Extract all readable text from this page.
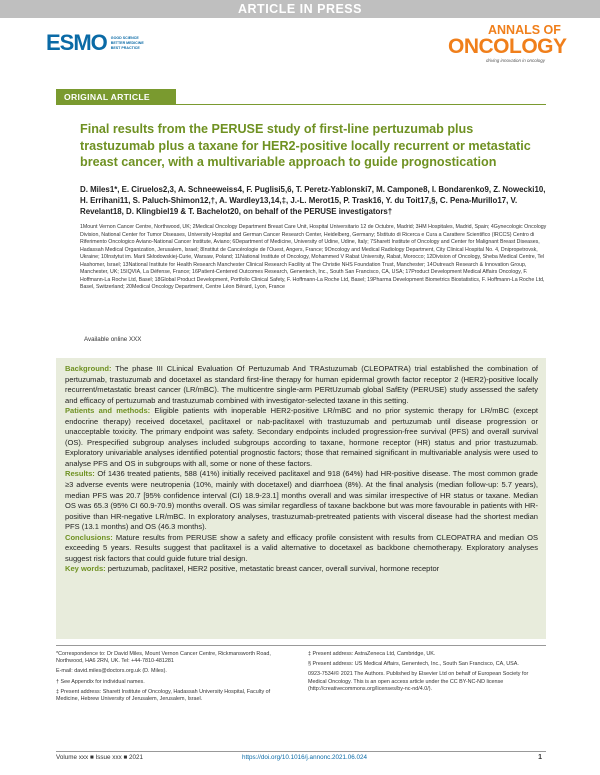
ARTICLE IN PRESS
ESMO GOOD SCIENCE
BETTER MEDICINE
BEST PRACTICE
ANNALS OF
ONCOLOGY
driving innovation in oncology
ORIGINAL ARTICLE
Final results from the PERUSE study of first-line pertuzumab plus trastuzumab plus a taxane for HER2-positive locally recurrent or metastatic breast cancer, with a multivariable approach to guide prognostication
D. Miles1*, E. Ciruelos2,3, A. Schneeweiss4, F. Puglisi5,6, T. Peretz-Yablonski7, M. Campone8, I. Bondarenko9, Z. Nowecki10, H. Errihani11, S. Paluch-Shimon12,†, A. Wardley13,14,‡, J.-L. Merot15, P. Trask16, Y. du Toit17,§, C. Pena-Murillo17, V. Revelant18, D. Klingbiel19 & T. Bachelot20, on behalf of the PERUSE investigators†
1Mount Vernon Cancer Centre, Northwood, UK; 2Medical Oncology Department Breast Care Unit, Hospital Universitario 12 de Octubre, Madrid; 3HM Hospitales, Madrid, Spain; 4Gynecologic Oncology Division, National Center for Tumor Diseases, University Hospital and German Cancer Research Center, Heidelberg, Germany; 5Istituto di Ricerca e Cura a Carattere Scientifico (IRCCS) Centro di Riferimento Oncologico Aviano-National Cancer Institute, Aviano; 6Department of Medicine, University of Udine, Udine, Italy; 7Sharett Institute of Oncology and Center for Malignant Breast Diseases, Hadassah Medical Organization, Jerusalem, Israel; 8Institut de Cancérologie de l'Ouest, Angers, France; 9Oncology and Medical Radiology Department, City Clinical Hospital No. 4, Dnipropetrovsk, Ukraine; 10Instytut im. Marii Skłodowskiej-Curie, Warsaw, Poland; 11National Institute of Oncology, Mohammed V Rabat University, Rabat, Morocco; 12Division of Oncology, Sheba Medical Centre, Tel Hashomer, Israel; 13National Institute for Health Research Manchester Clinical Research Facility at The Christie NHS Foundation Trust, Manchester; 14Outreach Research & Innovation Group, Manchester, UK; 15IQVIA, La Défense, France; 16Patient-Centered Outcomes Research, Genentech, Inc., South San Francisco, CA, USA; 17Product Development Medical Affairs Oncology, F. Hoffmann-La Roche Ltd, Basel; 18Global Product Development, Portfolio Clinical Safety, F. Hoffmann-La Roche Ltd, Basel; 19Pharma Development Biometrics Biostatistics, F. Hoffmann-La Roche Ltd, Basel, Switzerland; 20Medical Oncology Department, Centre Léon Bérard, Lyon, France
Available online XXX

Background: The phase III CLinical Evaluation Of Pertuzumab And TRAstuzumab (CLEOPATRA) trial established the combination of pertuzumab, trastuzumab and docetaxel as standard first-line therapy for human epidermal growth factor receptor 2 (HER2)-positive locally recurrent/metastatic breast cancer (LR/mBC). The multicentre single-arm PERtUzumab global SafEty (PERUSE) study assessed the safety and efficacy of pertuzumab and trastuzumab combined with investigator-selected taxane in this setting.

Patients and methods: Eligible patients with inoperable HER2-positive LR/mBC and no prior systemic therapy for LR/mBC (except endocrine therapy) received docetaxel, paclitaxel or nab-paclitaxel with trastuzumab and pertuzumab until disease progression or unacceptable toxicity. The primary endpoint was safety. Secondary endpoints included progression-free survival (PFS) and overall survival (OS). Prespecified subgroup analyses included subgroups according to taxane, hormone receptor (HR) status and prior trastuzumab. Exploratory univariable analyses identified potential prognostic factors; those that remained significant in multivariable analysis were used to analyse PFS and OS in subgroups with all, some or none of these factors.

Results: Of 1436 treated patients, 588 (41%) initially received paclitaxel and 918 (64%) had HR-positive disease. The most common grade ≥3 adverse events were neutropenia (10%, mainly with docetaxel) and diarrhoea (8%). At the final analysis (median follow-up: 5.7 years), median PFS was 20.7 [95% confidence interval (CI) 18.9-23.1] months overall and was similar irrespective of HR status or taxane. Median OS was 65.3 (95% CI 60.9-70.9) months overall. OS was similar regardless of taxane backbone but was more favourable in patients with HR-positive than HR-negative LR/mBC. In exploratory analyses, trastuzumab-pretreated patients with visceral disease had the shortest median PFS (13.1 months) and OS (46.3 months).

Conclusions: Mature results from PERUSE show a safety and efficacy profile consistent with results from CLEOPATRA and median OS exceeding 5 years. Results suggest that paclitaxel is a valid alternative to docetaxel as backbone chemotherapy. Exploratory analyses suggest risk factors that could guide future trial design.

Key words: pertuzumab, paclitaxel, HER2 positive, metastatic breast cancer, overall survival, hormone receptor

*Correspondence to: Dr David Miles, Mount Vernon Cancer Centre, Rickmansworth Road, Northwood, HA6 2RN, UK. Tel: +44-7810-481281

E-mail: david.miles@doctors.org.uk (D. Miles).

† See Appendix for individual names.

‡ Present address: Sharett Institute of Oncology, Hadassah University Hospital, Faculty of Medicine, Hebrew University of Jerusalem, Jerusalem, Israel.

‡ Present address: AstraZeneca Ltd, Cambridge, UK.

§ Present address: US Medical Affairs, Genentech, Inc., South San Francisco, CA, USA.

0923-7534/© 2021 The Authors. Published by Elsevier Ltd on behalf of European Society for Medical Oncology. This is an open access article under the CC BY-NC-ND license (http://creativecommons.org/licenses/by-nc-nd/4.0/).

Volume xxx ■ Issue xxx ■ 2021	https://doi.org/10.1016/j.annonc.2021.06.024	1
